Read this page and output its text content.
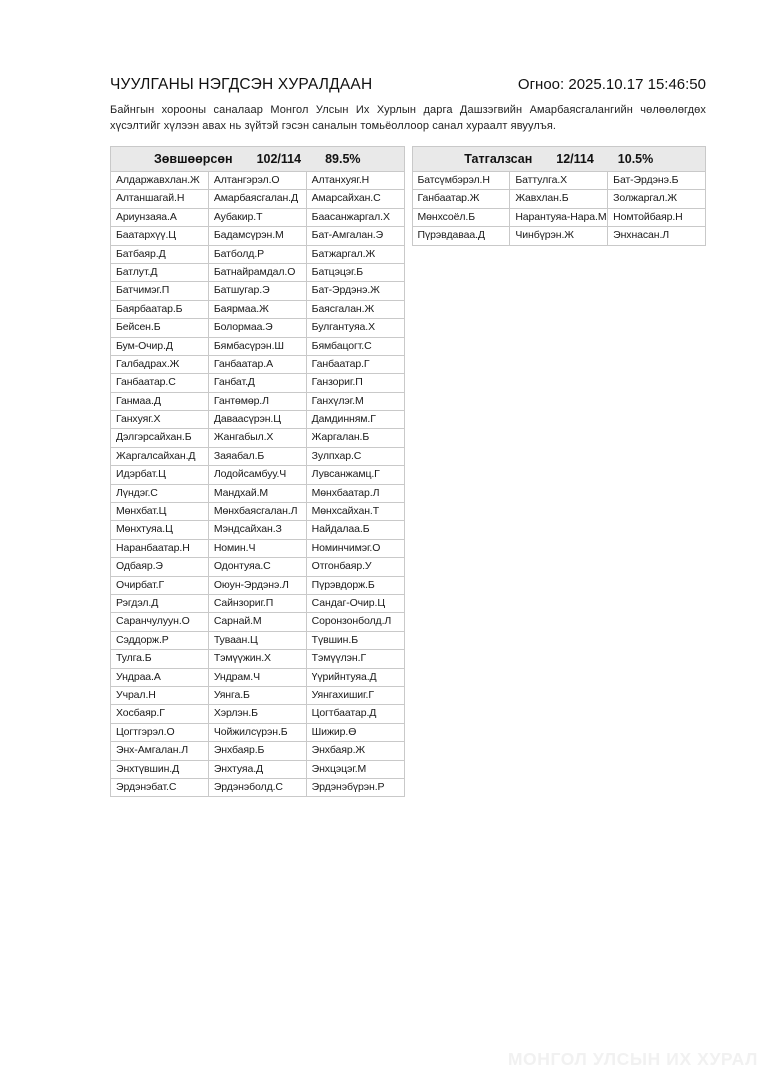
ЧУУЛГАНЫ НЭГДСЭН ХУРАЛДААН	Огноо: 2025.10.17 15:46:50

Байнгын хорооны саналаар Монгол Улсын Их Хурлын дарга Дашзэгвийн Амарбаясгалангийн чөлөөлөгдөх хүсэлтийг хүлээн авах нь зүйтэй гэсэн саналын томьёоллоор санал хураалт явуулъя.

Зөвшөөрсөн 102/114 89.5%
Алдаржавхлан.Ж	Алтангэрэл.О	Алтанхуяг.Н
Алтаншагай.Н	Амарбаясгалан.Д	Амарсайхан.С
Ариунзаяа.А	Аубакир.Т	Баасанжаргал.Х
Баатархүү.Ц	Бадамсүрэн.М	Бат-Амгалан.Э
Батбаяр.Д	Батболд.Р	Батжаргал.Ж
Батлут.Д	Батнайрамдал.О	Батцэцэг.Б
Батчимэг.П	Батшугар.Э	Бат-Эрдэнэ.Ж
Баярбаатар.Б	Баярмаа.Ж	Баясгалан.Ж
Бейсен.Б	Болормаа.Э	Булгантуяа.Х
Бум-Очир.Д	Бямбасүрэн.Ш	Бямбацогт.С
Галбадрах.Ж	Ганбаатар.А	Ганбаатар.Г
Ганбаатар.С	Ганбат.Д	Ганзориг.П
Ганмаа.Д	Гантөмөр.Л	Ганхүлэг.М
Ганхуяг.Х	Даваасүрэн.Ц	Дамдинням.Г
Дэлгэрсайхан.Б	Жангабыл.Х	Жаргалан.Б
Жаргалсайхан.Д	Заяабал.Б	Зулпхар.С
Идэрбат.Ц	Лодойсамбуу.Ч	Лувсанжамц.Г
Лүндэг.С	Мандхай.М	Мөнхбаатар.Л
Мөнхбат.Ц	Мөнхбаясгалан.Л	Мөнхсайхан.Т
Мөнхтуяа.Ц	Мэндсайхан.З	Найдалаа.Б
Наранбаатар.Н	Номин.Ч	Номинчимэг.О
Одбаяр.Э	Одонтуяа.С	Отгонбаяр.У
Очирбат.Г	Оюун-Эрдэнэ.Л	Пүрэвдорж.Б
Рэгдэл.Д	Сайнзориг.П	Сандаг-Очир.Ц
Саранчулуун.О	Сарнай.М	Соронзонболд.Л
Сэддорж.Р	Туваан.Ц	Түвшин.Б
Тулга.Б	Тэмүүжин.Х	Тэмүүлэн.Г
Ундраа.А	Ундрам.Ч	Үүрийнтуяа.Д
Учрал.Н	Уянга.Б	Уянгахишиг.Г
Хосбаяр.Г	Хэрлэн.Б	Цогтбаатар.Д
Цогтгэрэл.О	Чойжилсүрэн.Б	Шижир.Ө
Энх-Амгалан.Л	Энхбаяр.Б	Энхбаяр.Ж
Энхтүвшин.Д	Энхтуяа.Д	Энхцэцэг.М
Эрдэнэбат.С	Эрдэнэболд.С	Эрдэнэбүрэн.Р
Татгалзсан 12/114 10.5%
Батсүмбэрэл.Н	Баттулга.Х	Бат-Эрдэнэ.Б
Ганбаатар.Ж	Жавхлан.Б	Золжаргал.Ж
Мөнхсоёл.Б	Нарантуяа-Нара.М	Номтойбаяр.Н
Пүрэвдаваа.Д	Чинбүрэн.Ж	Энхнасан.Л
МОНГОЛ УЛСЫН ИХ ХУРАЛ
